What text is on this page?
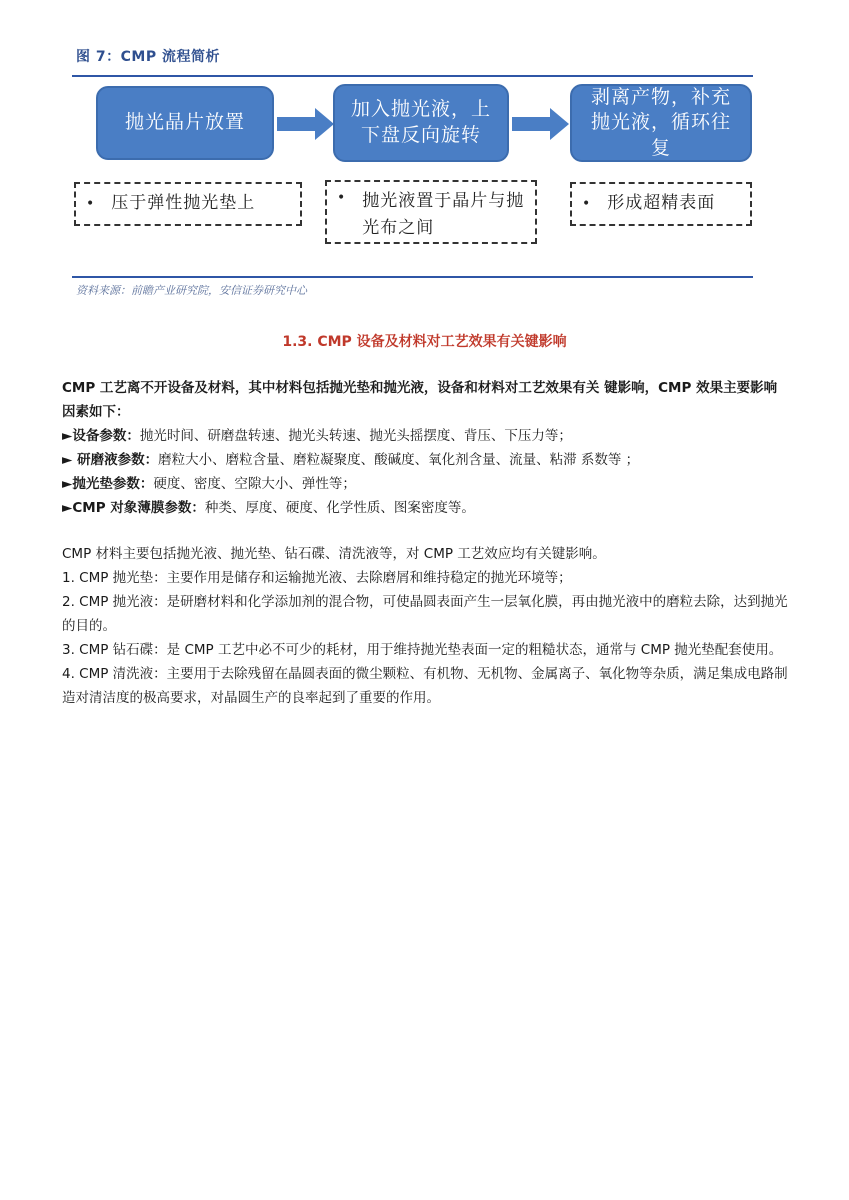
图 7：CMP 流程简析
抛光晶片放置
加入抛光液，上下盘反向旋转
剥离产物，补充抛光液，循环往复
• 压于弹性抛光垫上	• 抛光液置于晶片与抛光布之间
• 形成超精表面
资料来源：前瞻产业研究院，安信证券研究中心
1.3. CMP 设备及材料对工艺效果有关键影响
CMP 工艺离不开设备及材料，其中材料包括抛光垫和抛光液，设备和材料对工艺效果有关 键影响，CMP 效果主要影响因素如下：
►设备参数：抛光时间、研磨盘转速、抛光头转速、抛光头摇摆度、背压、下压力等；
► 研磨液参数：磨粒大小、磨粒含量、磨粒凝聚度、酸碱度、氧化剂含量、流量、粘滞 系数等 ；
►抛光垫参数：硬度、密度、空隙大小、弹性等；
►CMP 对象薄膜参数：种类、厚度、硬度、化学性质、图案密度等。
CMP 材料主要包括抛光液、抛光垫、钻石碟、清洗液等，对 CMP 工艺效应均有关键影响。
1. CMP 抛光垫：主要作用是储存和运输抛光液、去除磨屑和维持稳定的抛光环境等；
2. CMP 抛光液：是研磨材料和化学添加剂的混合物，可使晶圆表面产生一层氧化膜，再由抛光液中的磨粒去除，达到抛光的目的。
3. CMP 钻石碟：是 CMP 工艺中必不可少的耗材，用于维持抛光垫表面一定的粗糙状态，通常与 CMP 抛光垫配套使用。
4. CMP 清洗液：主要用于去除残留在晶圆表面的微尘颗粒、有机物、无机物、金属离子、氧化物等杂质，满足集成电路制造对清洁度的极高要求，对晶圆生产的良率起到了重要的作用。
